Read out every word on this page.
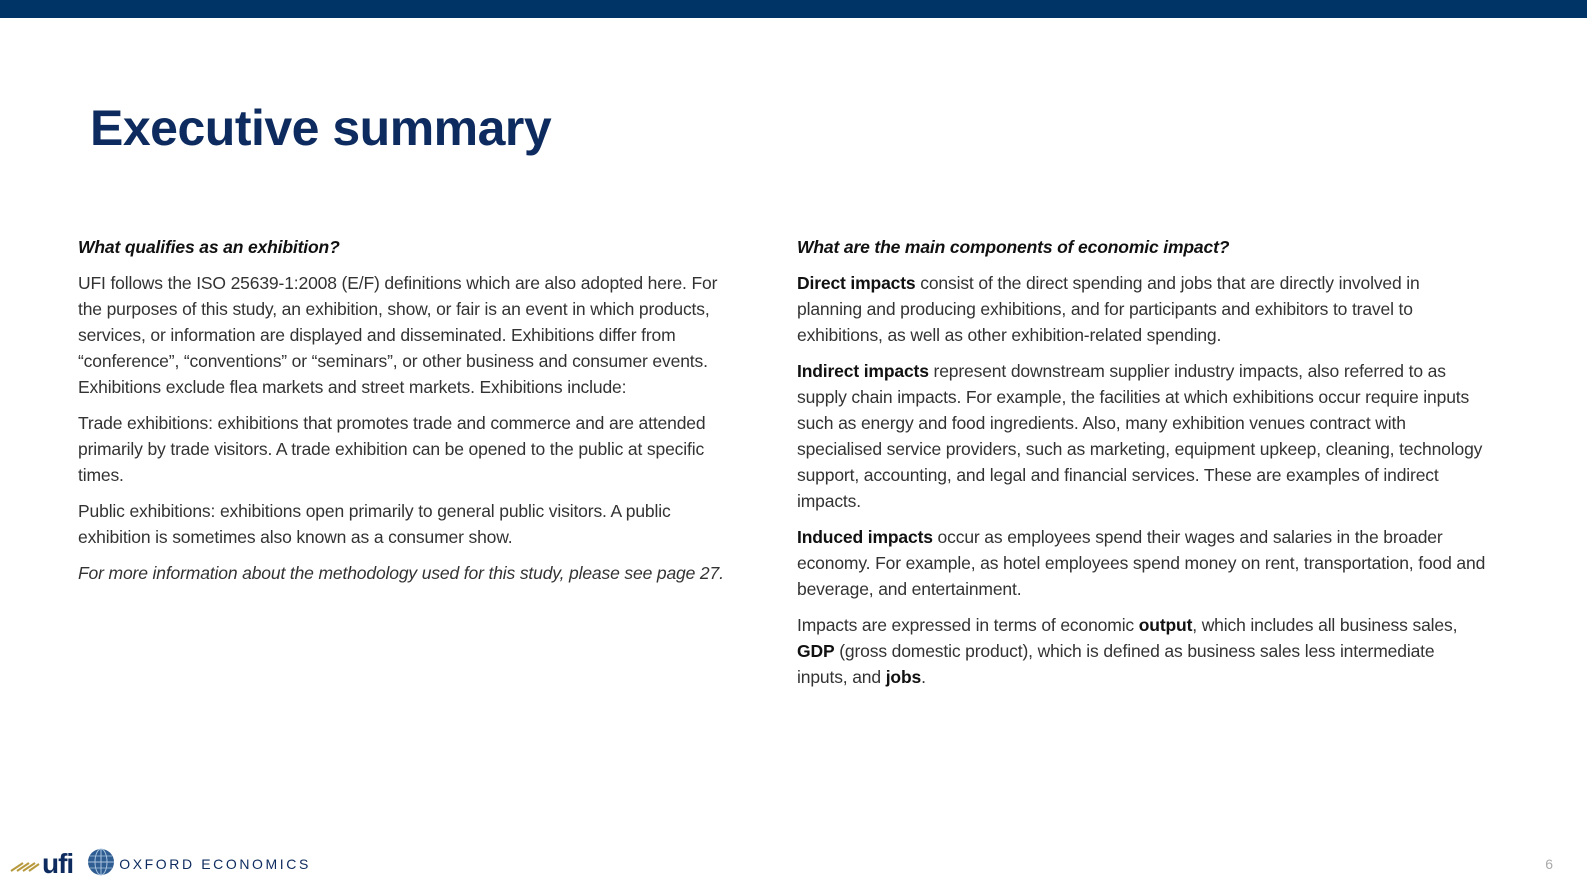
Executive summary

What qualifies as an exhibition?

UFI follows the ISO 25639-1:2008 (E/F) definitions which are also adopted here. For the purposes of this study, an exhibition, show, or fair is an event in which products, services, or information are displayed and disseminated. Exhibitions differ from “conference”, “conventions” or “seminars”, or other business and consumer events. Exhibitions exclude flea markets and street markets. Exhibitions include:

Trade exhibitions: exhibitions that promotes trade and commerce and are attended primarily by trade visitors. A trade exhibition can be opened to the public at specific times.

Public exhibitions: exhibitions open primarily to general public visitors. A public exhibition is sometimes also known as a consumer show.

For more information about the methodology used for this study, please see page 27.

What are the main components of economic impact?

Direct impacts consist of the direct spending and jobs that are directly involved in planning and producing exhibitions, and for participants and exhibitors to travel to exhibitions, as well as other exhibition-related spending.

Indirect impacts represent downstream supplier industry impacts, also referred to as supply chain impacts. For example, the facilities at which exhibitions occur require inputs such as energy and food ingredients. Also, many exhibition venues contract with specialised service providers, such as marketing, equipment upkeep, cleaning, technology support, accounting, and legal and financial services. These are examples of indirect impacts.

Induced impacts occur as employees spend their wages and salaries in the broader economy. For example, as hotel employees spend money on rent, transportation, food and beverage, and entertainment.

Impacts are expressed in terms of economic output, which includes all business sales, GDP (gross domestic product), which is defined as business sales less intermediate inputs, and jobs.

ufi	OXFORD ECONOMICS	6
